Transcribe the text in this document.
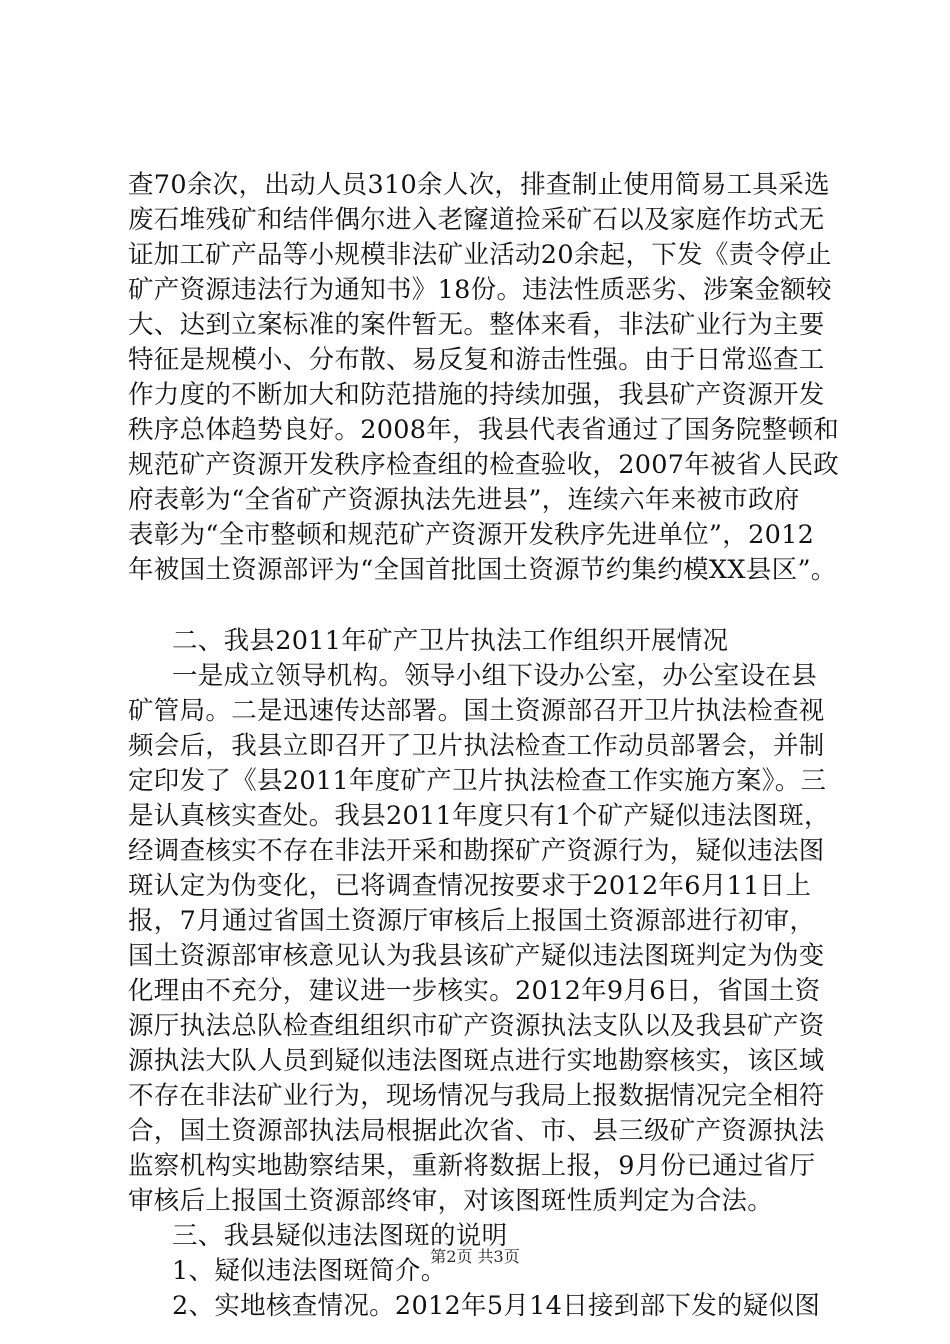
查70余次，出动人员310余人次，排查制止使用简易工具采选
废石堆残矿和结伴偶尔进入老窿道捡采矿石以及家庭作坊式无
证加工矿产品等小规模非法矿业活动20余起，下发《责令停止
矿产资源违法行为通知书》18份。违法性质恶劣、涉案金额较
大、达到立案标准的案件暂无。整体来看，非法矿业行为主要
特征是规模小、分布散、易反复和游击性强。由于日常巡查工
作力度的不断加大和防范措施的持续加强，我县矿产资源开发
秩序总体趋势良好。2008年，我县代表省通过了国务院整顿和
规范矿产资源开发秩序检查组的检查验收，2007年被省人民政
府表彰为“全省矿产资源执法先进县”，连续六年来被市政府
表彰为“全市整顿和规范矿产资源开发秩序先进单位”，2012
年被国土资源部评为“全国首批国土资源节约集约模XX县区”。
二、我县2011年矿产卫片执法工作组织开展情况
一是成立领导机构。领导小组下设办公室，办公室设在县
矿管局。二是迅速传达部署。国土资源部召开卫片执法检查视
频会后，我县立即召开了卫片执法检查工作动员部署会，并制
定印发了《县2011年度矿产卫片执法检查工作实施方案》。三
是认真核实查处。我县2011年度只有1个矿产疑似违法图斑，
经调查核实不存在非法开采和勘探矿产资源行为，疑似违法图
斑认定为伪变化，已将调查情况按要求于2012年6月11日上
报，7月通过省国土资源厅审核后上报国土资源部进行初审，
国土资源部审核意见认为我县该矿产疑似违法图斑判定为伪变
化理由不充分，建议进一步核实。2012年9月6日，省国土资
源厅执法总队检查组组织市矿产资源执法支队以及我县矿产资
源执法大队人员到疑似违法图斑点进行实地勘察核实，该区域
不存在非法矿业行为，现场情况与我局上报数据情况完全相符
合，国土资源部执法局根据此次省、市、县三级矿产资源执法
监察机构实地勘察结果，重新将数据上报，9月份已通过省厅
审核后上报国土资源部终审，对该图斑性质判定为合法。
三、我县疑似违法图斑的说明
1、疑似违法图斑简介。
2、实地核查情况。2012年5月14日接到部下发的疑似图
第2页 共3页
